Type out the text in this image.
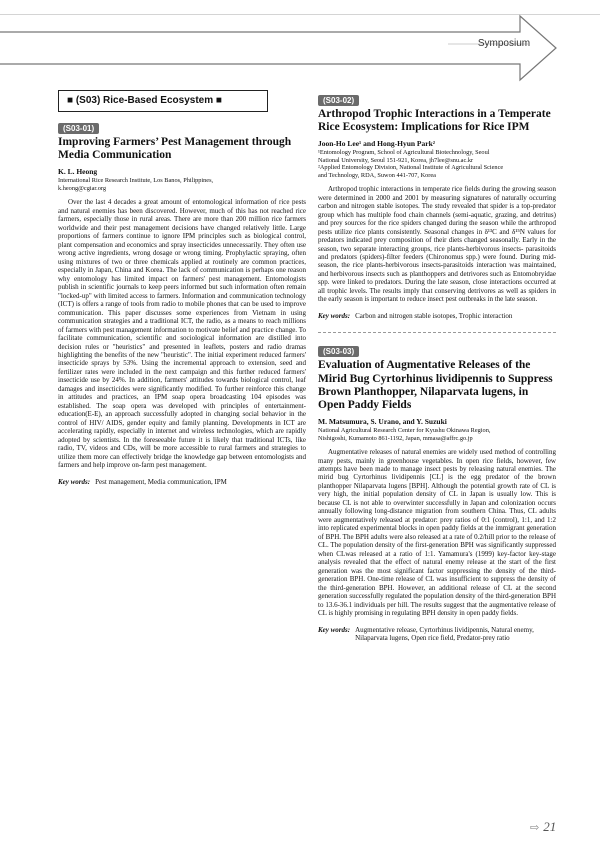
Symposium
■ (S03) Rice-Based Ecosystem ■
(S03-01)
Improving Farmers’ Pest Management through Media Communication
K. L. Heong
International Rice Research Institute, Los Banos, Philippines,
k.heong@cgiar.org

Over the last 4 decades a great amount of entomological information of rice pests and natural enemies has been discovered. However, much of this has not reached rice farmers, especially those in rural areas. There are more than 200 million rice farmers worldwide and their pest management decisions have changed relatively little. Large proportions of farmers continue to ignore IPM principles such as biological control, plant compensation and economics and spray insecticides unnecessarily. They often use wrong active ingredients, wrong dosage or wrong timing. Prophylactic spraying, often using mixtures of two or three chemicals applied at routinely are common practices, especially in Japan, China and Korea. The lack of communication is perhaps one reason why entomology has limited impact on farmers' pest management. Entomologists publish in scientific journals to keep peers informed but such information often remain "locked-up" with limited access to farmers. Information and communication technology (ICT) is offers a range of tools from radio to mobile phones that can be used to improve communication. This paper discusses some experiences from Vietnam in using communication strategies and a traditional ICT, the radio, as a means to reach millions of farmers with pest management information to motivate belief and practice change. To facilitate communication, scientific and sociological information are distilled into decision rules or "heuristics" and presented in leaflets, posters and radio dramas highlighting the benefits of the new "heuristic". The initial experiment reduced farmers' insecticide sprays by 53%. Using the incremental approach to extension, seed and fertilizer rates were included in the next campaign and this further reduced farmers' insecticide use by 24%. In addition, farmers' attitudes towards biological control, leaf damages and insecticides were significantly modified. To further reinforce this change in attitudes and practices, an IPM soap opera broadcasting 104 episodes was established. The soap opera was developed with principles of entertainment-education(E-E), an approach successfully adopted in changing social behavior in the control of HIV/ AIDS, gender equity and family planning. Developments in ICT are accelerating rapidly, especially in internet and wireless technologies, which are rapidly adopted by scientists. In the foreseeable future it is likely that traditional ICTs, like radio, TV, videos and CDs, will be more accessible to rural farmers and strategies to utilize them more can effectively bridge the knowledge gap between entomologists and farmers and help improve on-farm pest management.

Key words: Pest management, Media communication, IPM
(S03-02)
Arthropod Trophic Interactions in a Temperate Rice Ecosystem: Implications for Rice IPM
Joon-Ho Lee¹ and Hong-Hyun Park²
¹Entomology Program, School of Agricultural Biotechnology, Seoul
National University, Seoul 151-921, Korea, jh7lee@snu.ac.kr
²Applied Entomology Division, National Institute of Agricultural Science
and Technology, RDA, Suwon 441-707, Korea

Arthropod trophic interactions in temperate rice fields during the growing season were determined in 2000 and 2001 by measuring signatures of naturally occurring carbon and nitrogen stable isotopes. The study revealed that spider is a top-predator group which has multiple food chain channels (semi-aquatic, grazing, and detritus) and prey sources for the rice spiders changed during the season while the arthropod pests utilize rice plants consistently. Seasonal changes in δ¹³C and δ¹⁵N values for predators indicated prey composition of their diets changed seasonally. Early in the season, two separate interacting groups, rice plants-herbivorous insects- parasitoids and predators (spiders)-filter feeders (Chironomus spp.) were found. During mid-season, the rice plants-herbivorous insects-parasitoids interaction was maintained, and herbivorous insects such as planthoppers and detrivores such as Entomobryidae spp. were linked to predators. During the late season, close interactions occurred at all trophic levels. The results imply that conserving detrivores as well as spiders in the early season is important to reduce insect pest outbreaks in the late season.

Key words: Carbon and nitrogen stable isotopes, Trophic interaction
(S03-03)
Evaluation of Augmentative Releases of the Mirid Bug Cyrtorhinus lividipennis to Suppress Brown Planthopper, Nilaparvata lugens, in Open Paddy Fields
M. Matsumura, S. Urano, and Y. Suzuki
National Agricultural Research Center for Kyushu Okinawa Region,
Nishigoshi, Kumamoto 861-1192, Japan, mmasa@affrc.go.jp

Augmentative releases of natural enemies are widely used method of controlling many pests, mainly in greenhouse vegetables. In open rice fields, however, few attempts have been made to manage insect pests by releasing natural enemies. The mirid bug Cyrtorhinus lividipennis [CL] is the egg predator of the brown planthopper Nilaparvata lugens [BPH]. Although the potential growth rate of CL is very high, the initial population density of CL in Japan is usually low. This is because CL is not able to overwinter successfully in Japan and colonization occurs annually following long-distance migration from southern China. Thus, CL adults were augmentatively released at predator: prey ratios of 0:1 (control), 1:1, and 1:2 into replicated experimental blocks in open paddy fields at the immigrant generation of BPH. The BPH adults were also released at a rate of 0.2/hill prior to the release of CL. The population density of the first-generation BPH was significantly suppressed when CLwas released at a ratio of 1:1. Yamamura's (1999) key-factor key-stage analysis revealed that the effect of natural enemy release at the start of the first generation was the most significant factor suppressing the density of the third-generation BPH. One-time release of CL was insufficient to suppress the density of the third-generation BPH. However, an additional release of CL at the second generation successfully regulated the population density of the third-generation BPH to 13.6-36.1 individuals per hill. The results suggest that the augmentative release of CL is highly promising in regulating BPH density in open paddy fields.

Key words: Augmentative release, Cyrtorhinus lividipennis, Natural enemy, Nilaparvata lugens, Open rice field, Predator-prey ratio
⇨ 21
